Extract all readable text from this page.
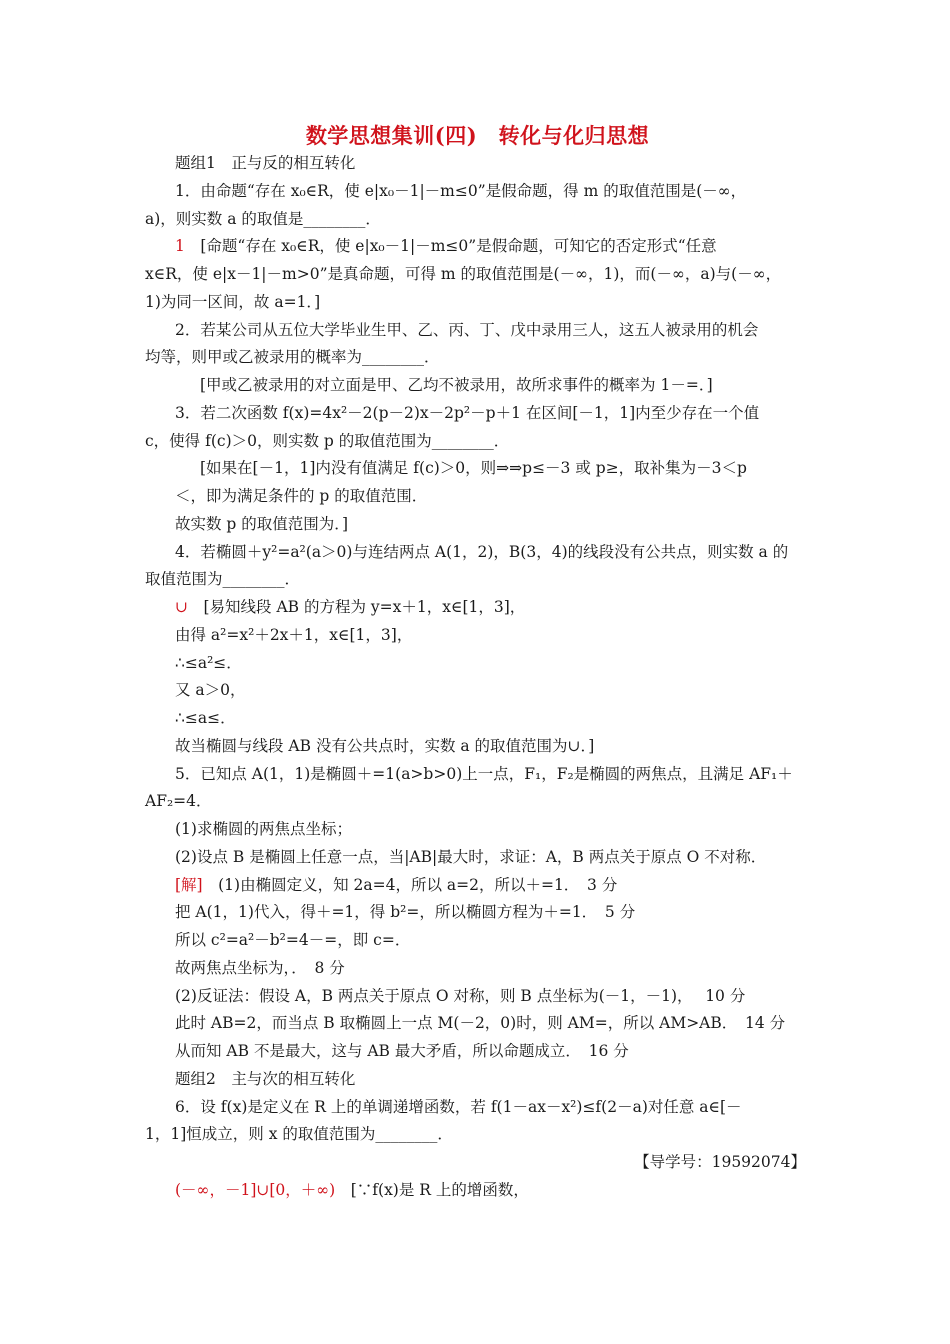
数学思想集训(四)　转化与化归思想
题组1　正与反的相互转化
1．由命题“存在 x₀∈R，使 e|x₀－1|－m≤0”是假命题，得 m 的取值范围是(－∞，
a)，则实数 a 的取值是________．
1　[命题“存在 x₀∈R，使 e|x₀－1|－m≤0”是假命题，可知它的否定形式“任意
x∈R，使 e|x－1|－m>0”是真命题，可得 m 的取值范围是(－∞，1)，而(－∞，a)与(－∞，
1)为同一区间，故 a=1．]
2．若某公司从五位大学毕业生甲、乙、丙、丁、戊中录用三人，这五人被录用的机会
均等，则甲或乙被录用的概率为________．
[甲或乙被录用的对立面是甲、乙均不被录用，故所求事件的概率为 1－=．]
3．若二次函数 f(x)=4x²－2(p－2)x－2p²－p＋1 在区间[－1，1]内至少存在一个值
c，使得 f(c)＞0，则实数 p 的取值范围为________．
[如果在[－1，1]内没有值满足 f(c)＞0，则⇒⇒p≤－3 或 p≥，取补集为－3＜p
＜，即为满足条件的 p 的取值范围．
故实数 p 的取值范围为．]
4．若椭圆＋y²=a²(a＞0)与连结两点 A(1，2)，B(3，4)的线段没有公共点，则实数 a 的
取值范围为________．
∪　[易知线段 AB 的方程为 y=x＋1，x∈[1，3]，
由得 a²=x²＋2x＋1，x∈[1，3]，
∴≤a²≤．
又 a＞0，
∴≤a≤．
故当椭圆与线段 AB 没有公共点时，实数 a 的取值范围为∪．]
5．已知点 A(1，1)是椭圆＋=1(a>b>0)上一点，F₁，F₂是椭圆的两焦点，且满足 AF₁＋
AF₂=4．
(1)求椭圆的两焦点坐标；
(2)设点 B 是椭圆上任意一点，当|AB|最大时，求证：A，B 两点关于原点 O 不对称．
[解]　(1)由椭圆定义，知 2a=4，所以 a=2，所以＋=1．　3 分
把 A(1，1)代入，得＋=1，得 b²=，所以椭圆方程为＋=1．　5 分
所以 c²=a²－b²=4－=，即 c=．
故两焦点坐标为，．　8 分
(2)反证法：假设 A，B 两点关于原点 O 对称，则 B 点坐标为(－1，－1)，　 10 分
此时 AB=2，而当点 B 取椭圆上一点 M(－2，0)时，则 AM=，所以 AM>AB．　14 分
从而知 AB 不是最大，这与 AB 最大矛盾，所以命题成立．　16 分
题组2　主与次的相互转化
6．设 f(x)是定义在 R 上的单调递增函数，若 f(1－ax－x²)≤f(2－a)对任意 a∈[－
1，1]恒成立，则 x 的取值范围为________．
【导学号：19592074】
(－∞，－1]∪[0，＋∞)　[∵f(x)是 R 上的增函数，
